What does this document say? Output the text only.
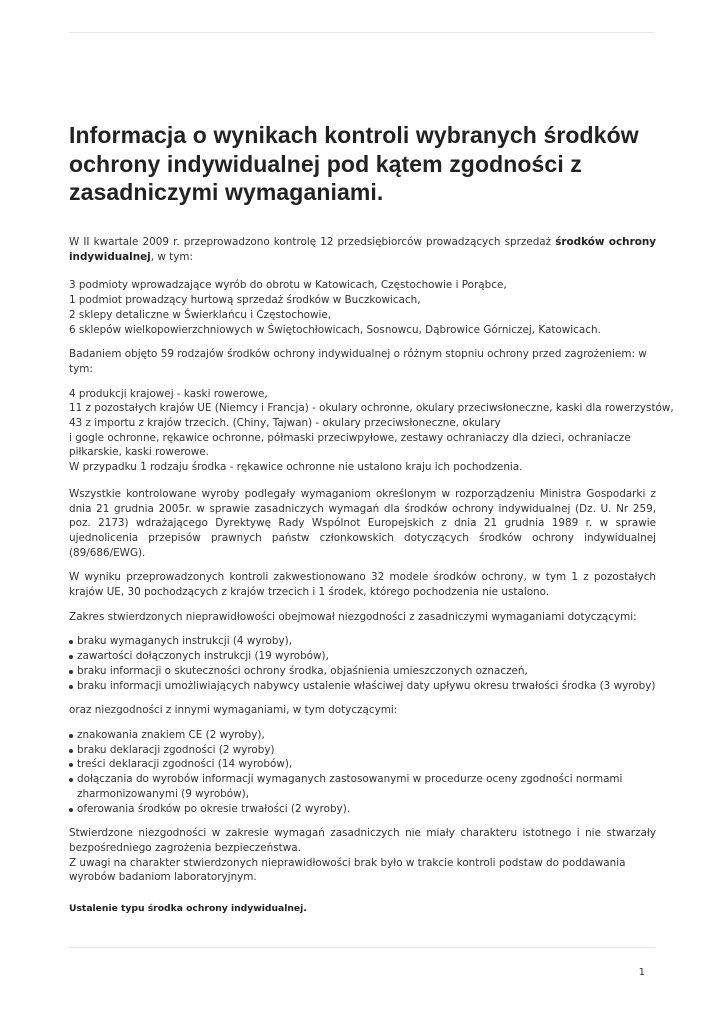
Informacja o wynikach kontroli wybranych środków ochrony indywidualnej pod kątem zgodności z zasadniczymi wymaganiami.

W II kwartale 2009 r. przeprowadzono kontrolę 12 przedsiębiorców prowadzących sprzedaż środków ochrony indywidualnej, w tym:

3 podmioty wprowadzające wyrób do obrotu w Katowicach, Częstochowie i Porąbce,

1 podmiot prowadzący hurtową sprzedaż środków w Buczkowicach,

2 sklepy detaliczne w Świerklańcu i Częstochowie,

6 sklepów wielkopowierzchniowych w Świętochłowicach, Sosnowcu, Dąbrowice Górniczej, Katowicach.

Badaniem objęto 59 rodzajów środków ochrony indywidualnej o różnym stopniu ochrony przed zagrożeniem: w tym:

4 produkcji krajowej - kaski rowerowe,

11 z pozostałych krajów UE (Niemcy i Francja) - okulary ochronne, okulary przeciwsłoneczne, kaski dla rowerzystów,

43 z importu z krajów trzecich. (Chiny, Tajwan) - okulary przeciwsłoneczne, okulary

i gogle ochronne, rękawice ochronne, półmaski przeciwpyłowe, zestawy ochraniaczy dla dzieci, ochraniacze piłkarskie, kaski rowerowe.

W przypadku 1 rodzaju środka - rękawice ochronne nie ustalono kraju ich pochodzenia.

Wszystkie kontrolowane wyroby podlegały wymaganiom określonym w rozporządzeniu Ministra Gospodarki z dnia 21 grudnia 2005r. w sprawie zasadniczych wymagań dla środków ochrony indywidualnej (Dz. U. Nr 259, poz. 2173) wdrażającego Dyrektywę Rady Wspólnot Europejskich z dnia 21 grudnia 1989 r. w sprawie ujednolicenia przepisów prawnych państw członkowskich dotyczących środków ochrony indywidualnej (89/686/EWG).

W wyniku przeprowadzonych kontroli zakwestionowano 32 modele środków ochrony, w tym 1 z pozostałych krajów UE, 30 pochodzących z krajów trzecich i 1 środek, którego pochodzenia nie ustalono.

Zakres stwierdzonych nieprawidłowości obejmował niezgodności z zasadniczymi wymaganiami dotyczącymi:

braku wymaganych instrukcji (4 wyroby),
zawartości dołączonych instrukcji (19 wyrobów),
braku informacji o skuteczności ochrony środka, objaśnienia umieszczonych oznaczeń,
braku informacji umożliwiających nabywcy ustalenie właściwej daty upływu okresu trwałości środka (3 wyroby)

oraz niezgodności z innymi wymaganiami, w tym dotyczącymi:

znakowania znakiem CE (2 wyroby),
braku deklaracji zgodności (2 wyroby)
treści deklaracji zgodności (14 wyrobów),
dołączania do wyrobów informacji wymaganych zastosowanymi w procedurze oceny zgodności normami zharmonizowanymi (9 wyrobów),
oferowania środków po okresie trwałości (2 wyroby).

Stwierdzone niezgodności w zakresie wymagań zasadniczych nie miały charakteru istotnego i nie stwarzały bezpośredniego zagrożenia bezpieczeństwa.

Z uwagi na charakter stwierdzonych nieprawidłowości brak było w trakcie kontroli podstaw do poddawania wyrobów badaniom laboratoryjnym.

Ustalenie typu środka ochrony indywidualnej.

1
